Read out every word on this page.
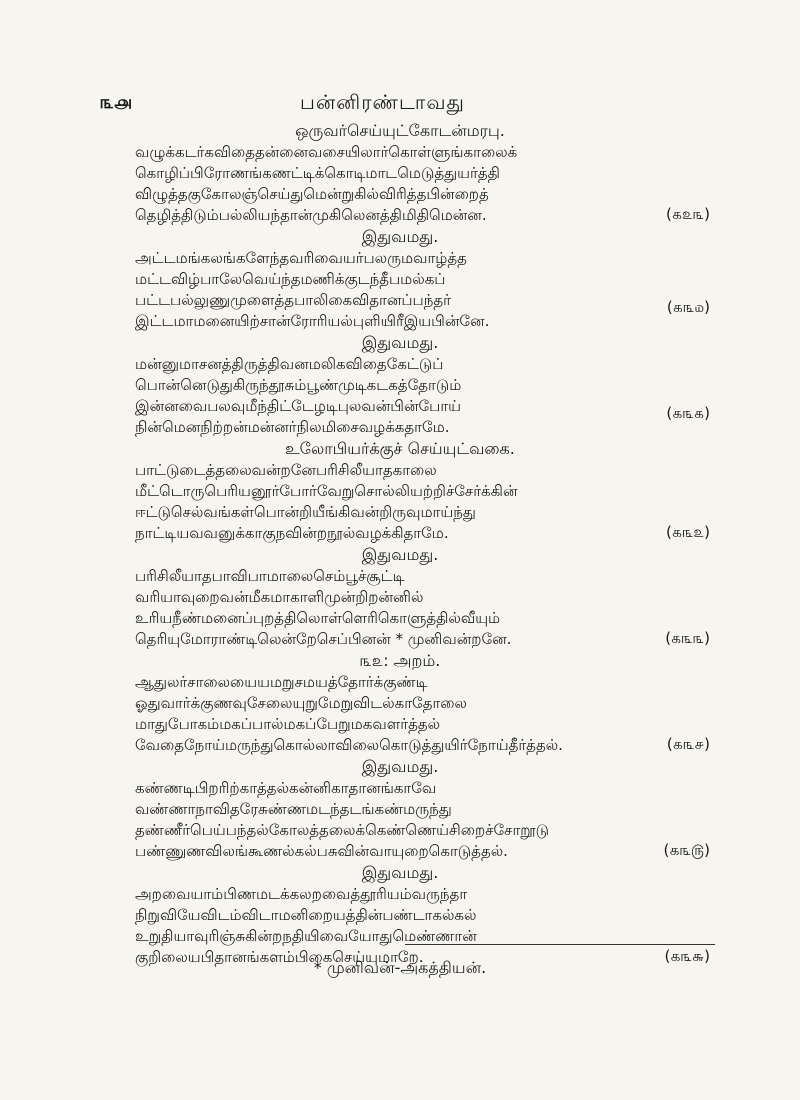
௩௮	பன்னிரண்டாவது
ஒருவர்செய்யுட்கோடன்மரபு.
வழுக்கடர்கவிதைதன்னைவசையிலார்கொள்ளுங்காலைக்
கொழிப்பிரோணங்கணட்டிக்கொடிமாடமெடுத்துயர்த்தி
விழுத்தகுகோலஞ்செய்துமென்றுகில்விரித்தபின்றைத்
தெழித்திடும்பல்லியந்தான்முகிலெனத்திமிதிமென்ன.	(௧௨௩)
இதுவமது.
அட்டமங்கலங்களேந்தவரிவையர்பலருமவாழ்த்த
மட்டவிழ்பாலேவெய்ந்தமணிக்குடந்தீபமல்கப்
பட்டபல்லுணுமுளைத்தபாலிகைவிதானப்பந்தர்
இட்டமாமனையிற்சான்ரோரியல்புளியிரீஇயபின்னே.
(௧௩௰)
இதுவமது.
மன்னுமாசனத்திருத்திவனமலிகவிதைகேட்டுப்
பொன்னெடுதுகிருந்தூசும்பூண்முடிகடகத்தோடும்
இன்னவைபலவுமீந்திட்டேழடிபுலவன்பின்போய்
நின்மெனநிற்றன்மன்னர்நிலமிசைவழக்கதாமே.
(௧௩௧)
உலோபியர்க்குச் செய்யுட்வகை.
பாட்டுடைத்தலைவன்றனேபரிசிலீயாதகாலை
மீட்டொருபெரியனூர்போர்வேறுசொல்லியற்றிச்சேர்க்கின்
ஈட்டுசெல்வங்கள்பொன்றியீங்கிவன்றிருவுமாய்ந்து
நாட்டியவவனுக்காகுநவின்றநூல்வழக்கிதாமே.	(௧௩௨)
இதுவமது.
பரிசிலீயாதபாவிபாமாலைசெம்பூச்சூட்டி
வரியாவுறைவன்மீகமாகாளிமுன்றிறன்னில்
உரியநீண்மனைப்புறத்திலொள்ளெரிகொளுத்தில்வீயும்
தெரியுமோராண்டிலென்றேசெப்பினன் * முனிவன்றனே.	(௧௩௩)
௩௨: அறம்.
ஆதுலர்சாலையையமறுசமயத்தோர்க்குண்டி
ஓதுவார்க்குணவுசேலையுறுமேறுவிடல்காதோலை
மாதுபோகம்மகப்பால்மகப்பேறுமகவளர்த்தல்
வேதைநோய்மருந்துகொல்லாவிலைகொடுத்துயிர்நோய்தீர்த்தல்.	(௧௩௪)
இதுவமது.
கண்ணடிபிறரிற்காத்தல்கன்னிகாதானங்காவே
வண்ணாநாவிதரேசுண்ணமடந்தடங்கண்மருந்து
தண்ணீர்பெய்பந்தல்கோலத்தலைக்கெண்ணெய்சிறைச்சோறூடு
பண்ணுணவிலங்கூணல்கல்பசுவின்வாயுறைகொடுத்தல்.	(௧௩௫)
இதுவமது.
அறவையாம்பிணமடக்கலறவைத்தூரியம்வருந்தா
நிறுவியேவிடம்விடாமனிறையத்தின்பண்டாகல்கல்
உறுதியாவுரிஞ்சுகின்றநதியிவையோதுமெண்ணான்
குறிலையபிதானங்களம்பிகைசெய்யுமாறே.	(௧௩௬)
* முனிவன்-அகத்தியன்.
